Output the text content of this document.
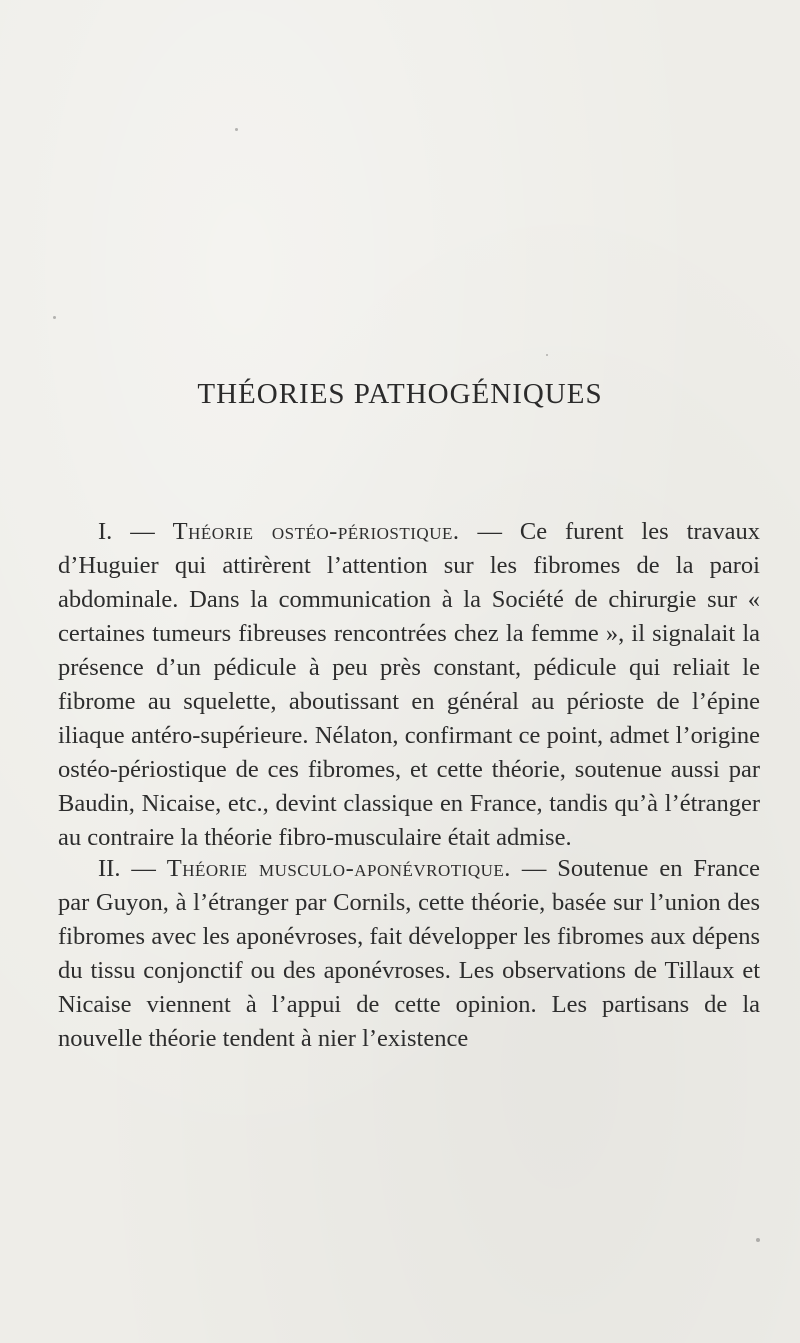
THÉORIES PATHOGÉNIQUES

I. — Théorie ostéo-périostique. — Ce furent les travaux d’Huguier qui attirèrent l’attention sur les fibromes de la paroi abdominale. Dans la communication à la Société de chirurgie sur « certaines tumeurs fibreuses rencontrées chez la femme », il signalait la présence d’un pédicule à peu près constant, pédicule qui reliait le fibrome au squelette, aboutissant en général au périoste de l’épine iliaque antéro-supérieure. Nélaton, confirmant ce point, admet l’origine ostéo-périostique de ces fibromes, et cette théorie, soutenue aussi par Baudin, Nicaise, etc., devint classique en France, tandis qu’à l’étranger au contraire la théorie fibro-musculaire était admise.

II. — Théorie musculo-aponévrotique. — Soutenue en France par Guyon, à l’étranger par Cornils, cette théorie, basée sur l’union des fibromes avec les aponévroses, fait développer les fibromes aux dépens du tissu conjonctif ou des aponévroses. Les observations de Tillaux et Nicaise viennent à l’appui de cette opinion. Les partisans de la nouvelle théorie tendent à nier l’existence
